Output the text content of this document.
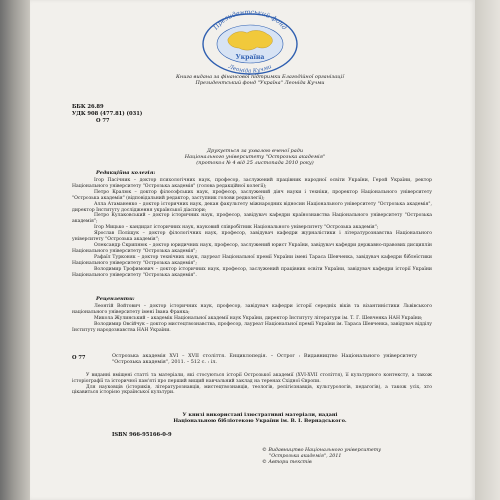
Президентський фонд
Україна
Леоніда Кучми
Книга видана за фінансової підтримки Благодійної організації
Президентський фонд "Україна" Леоніда Кучми
ББК 26.89
УДК 908 (477.81) (031)
О 77
Друкується за ухвалою вченої ради
Національного університету "Острозька академія"
(протокол № 4 від 25 листопада 2010 року)
Редакційна колегія:

Ігор Пасічник – доктор психологічних наук, професор, заслужений працівник народної освіти України, Герой України, ректор Національного університету "Острозька академія" (голова редакційної колегії);

Петро Кралюк – доктор філософських наук, професор, заслужений діяч науки і техніки, проректор Національного університету "Острозька академія" (відповідальний редактор, заступник голови редколегії);

Алла Атаманенко – доктор історичних наук, декан факультету міжнародних відносин Національного університету "Острозька академія", директор Інституту дослідження української діаспори;

Петро Кулаковський – доктор історичних наук, професор, завідувач кафедри країнознавства Національного університету "Острозька академія";

Ігор Мицько – кандидат історичних наук, науковий співробітник Національного університету "Острозька академія";

Ярослав Поліщук – доктор філологічних наук, професор, завідувач кафедри журналістики і літературознавства Національного університету "Острозька академія";

Олександр Скрипнюк – доктор юридичних наук, професор, заслужений юрист України, завідувач кафедри державно-правових дисциплін Національного університету "Острозька академія";

Рафаїл Турконяк – доктор технічних наук, лауреат Національної премії України імені Тараса Шевченка, завідувач кафедри біблеїстики Національного університету "Острозька академія";

Володимир Трофимович – доктор історичних наук, професор, заслужений працівник освіти України, завідувач кафедри історії України Національного університету "Острозька академія".

Рецензенти:

Леонтій Войтович – доктор історичних наук, професор, завідувач кафедри історії середніх віків та візантиністики Львівського національного університету імені Івана Франка;

Микола Жулинський – академік Національної академії наук України, директор Інституту літератури ім. Т. Г. Шевченка НАН України;

Володимир Овсійчук – доктор мистецтвознавства, професор, лауреат Національної премії України ім. Тараса Шевченка, завідувач відділу Інституту народознавства НАН України.

О 77	Острозька академія XVI – XVII століття. Енциклопедія. – Острог : Видавництво Національного університету "Острозька академія", 2011. – 512 с. : іл.

У виданні вміщені статті та матеріали, які стосуються історії Острозької академії (XVI-XVII століття), її культурного контексту, а також історіографії та історичної пам'яті про перший вищий навчальний заклад на теренах Східної Європи.

Для науковців (істориків, літературознавців, мистецтвознавців, теологів, релігієзнавців, культурологів, педагогів), а також усіх, хто цікавиться історією української культури.

У книзі використані ілюстративні матеріали, надані
Національною бібліотекою України ім. В. І. Вернадського.
ISBN 966-95166-0-9
© Видавництво Національного університету
"Острозька академія", 2011
© Автори текстів
